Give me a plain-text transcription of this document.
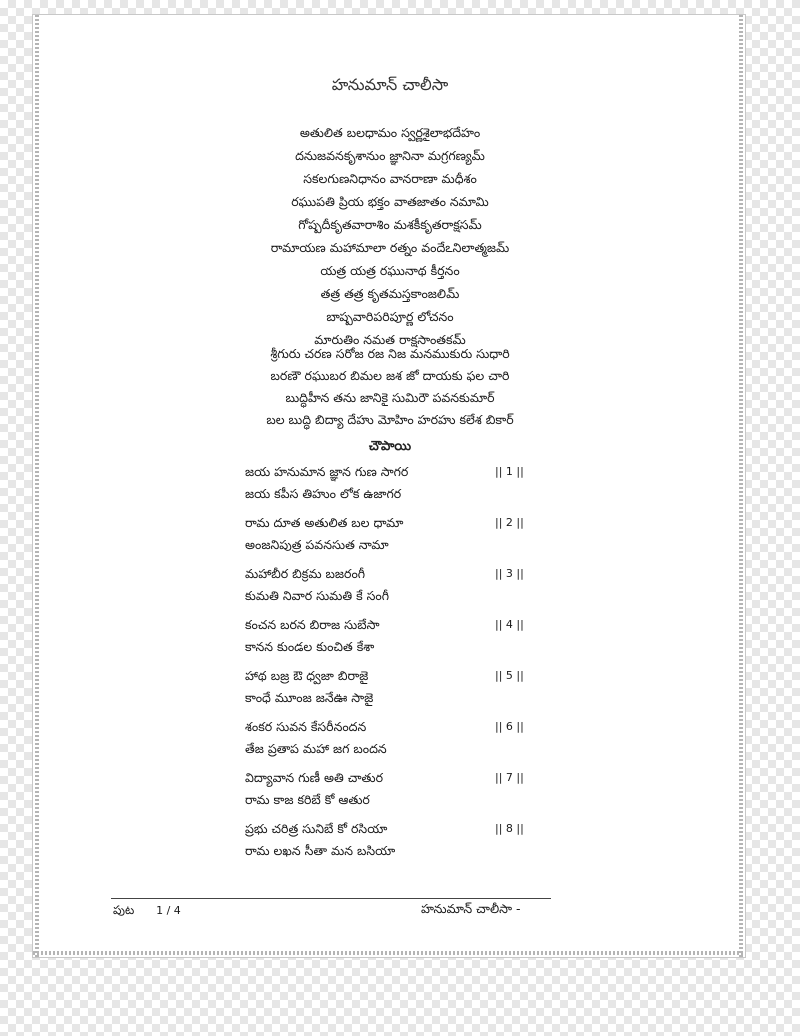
హనుమాన్ చాలీసా
అతులిత బలధామం స్వర్ణశైలాభదేహం
దనుజవనకృశానుం జ్ఞానినా మగ్రగణ్యమ్
సకలగుణనిధానం వానరాణా మధీశం
రఘుపతి ప్రియ భక్తం వాతజాతం నమామి
గోష్పదీకృతవారాశిం మశకీకృతరాక్షసమ్
రామాయణ మహామాలా రత్నం వందేఽనిలాత్మజమ్
యత్ర యత్ర రఘునాథ కీర్తనం
తత్ర తత్ర కృతమస్తకాంజలిమ్
బాష్పవారిపరిపూర్ణ లోచనం
మారుతిం నమత రాక్షసాంతకమ్
శ్రీగురు చరణ సరోజ రజ నిజ మనముకురు సుధారి
బరణౌ రఘుబర బిమల జశ జో దాయకు ఫల చారి
బుద్ధిహీన తను జానికై సుమిరౌ పవనకుమార్
బల బుద్ధి బిద్యా దేహు మోహిం హరహు కలేశ బికార్
చౌపాయి
జయ హనుమాన జ్ఞాన గుణ సాగర
జయ కపీస తిహుం లోక ఉజాగర
|| 1 ||
రామ దూత అతులిత బల ధామా
అంజనిపుత్ర పవనసుత నామా
|| 2 ||
మహాబీర బిక్రమ బజరంగీ
కుమతి నివార సుమతి కే సంగీ
|| 3 ||
కంచన బరన బిరాజ సుబేసా
కానన కుండల కుంచిత కేశా
|| 4 ||
హాథ బజ్ర ఔ ధ్వజా బిరాజై
కాంధే మూంజ జనేఊ సాజై
|| 5 ||
శంకర సువన కేసరీనందన
తేజ ప్రతాప మహా జగ బందన
|| 6 ||
విద్యావాన గుణీ అతి చాతుర
రామ కాజ కరిబే కో ఆతుర
|| 7 ||
ప్రభు చరిత్ర సునిబే కో రసియా
రామ లఖన సీతా మన బసియా
|| 8 ||
పుట 1 / 4	హనుమాన్ చాలీసా -
